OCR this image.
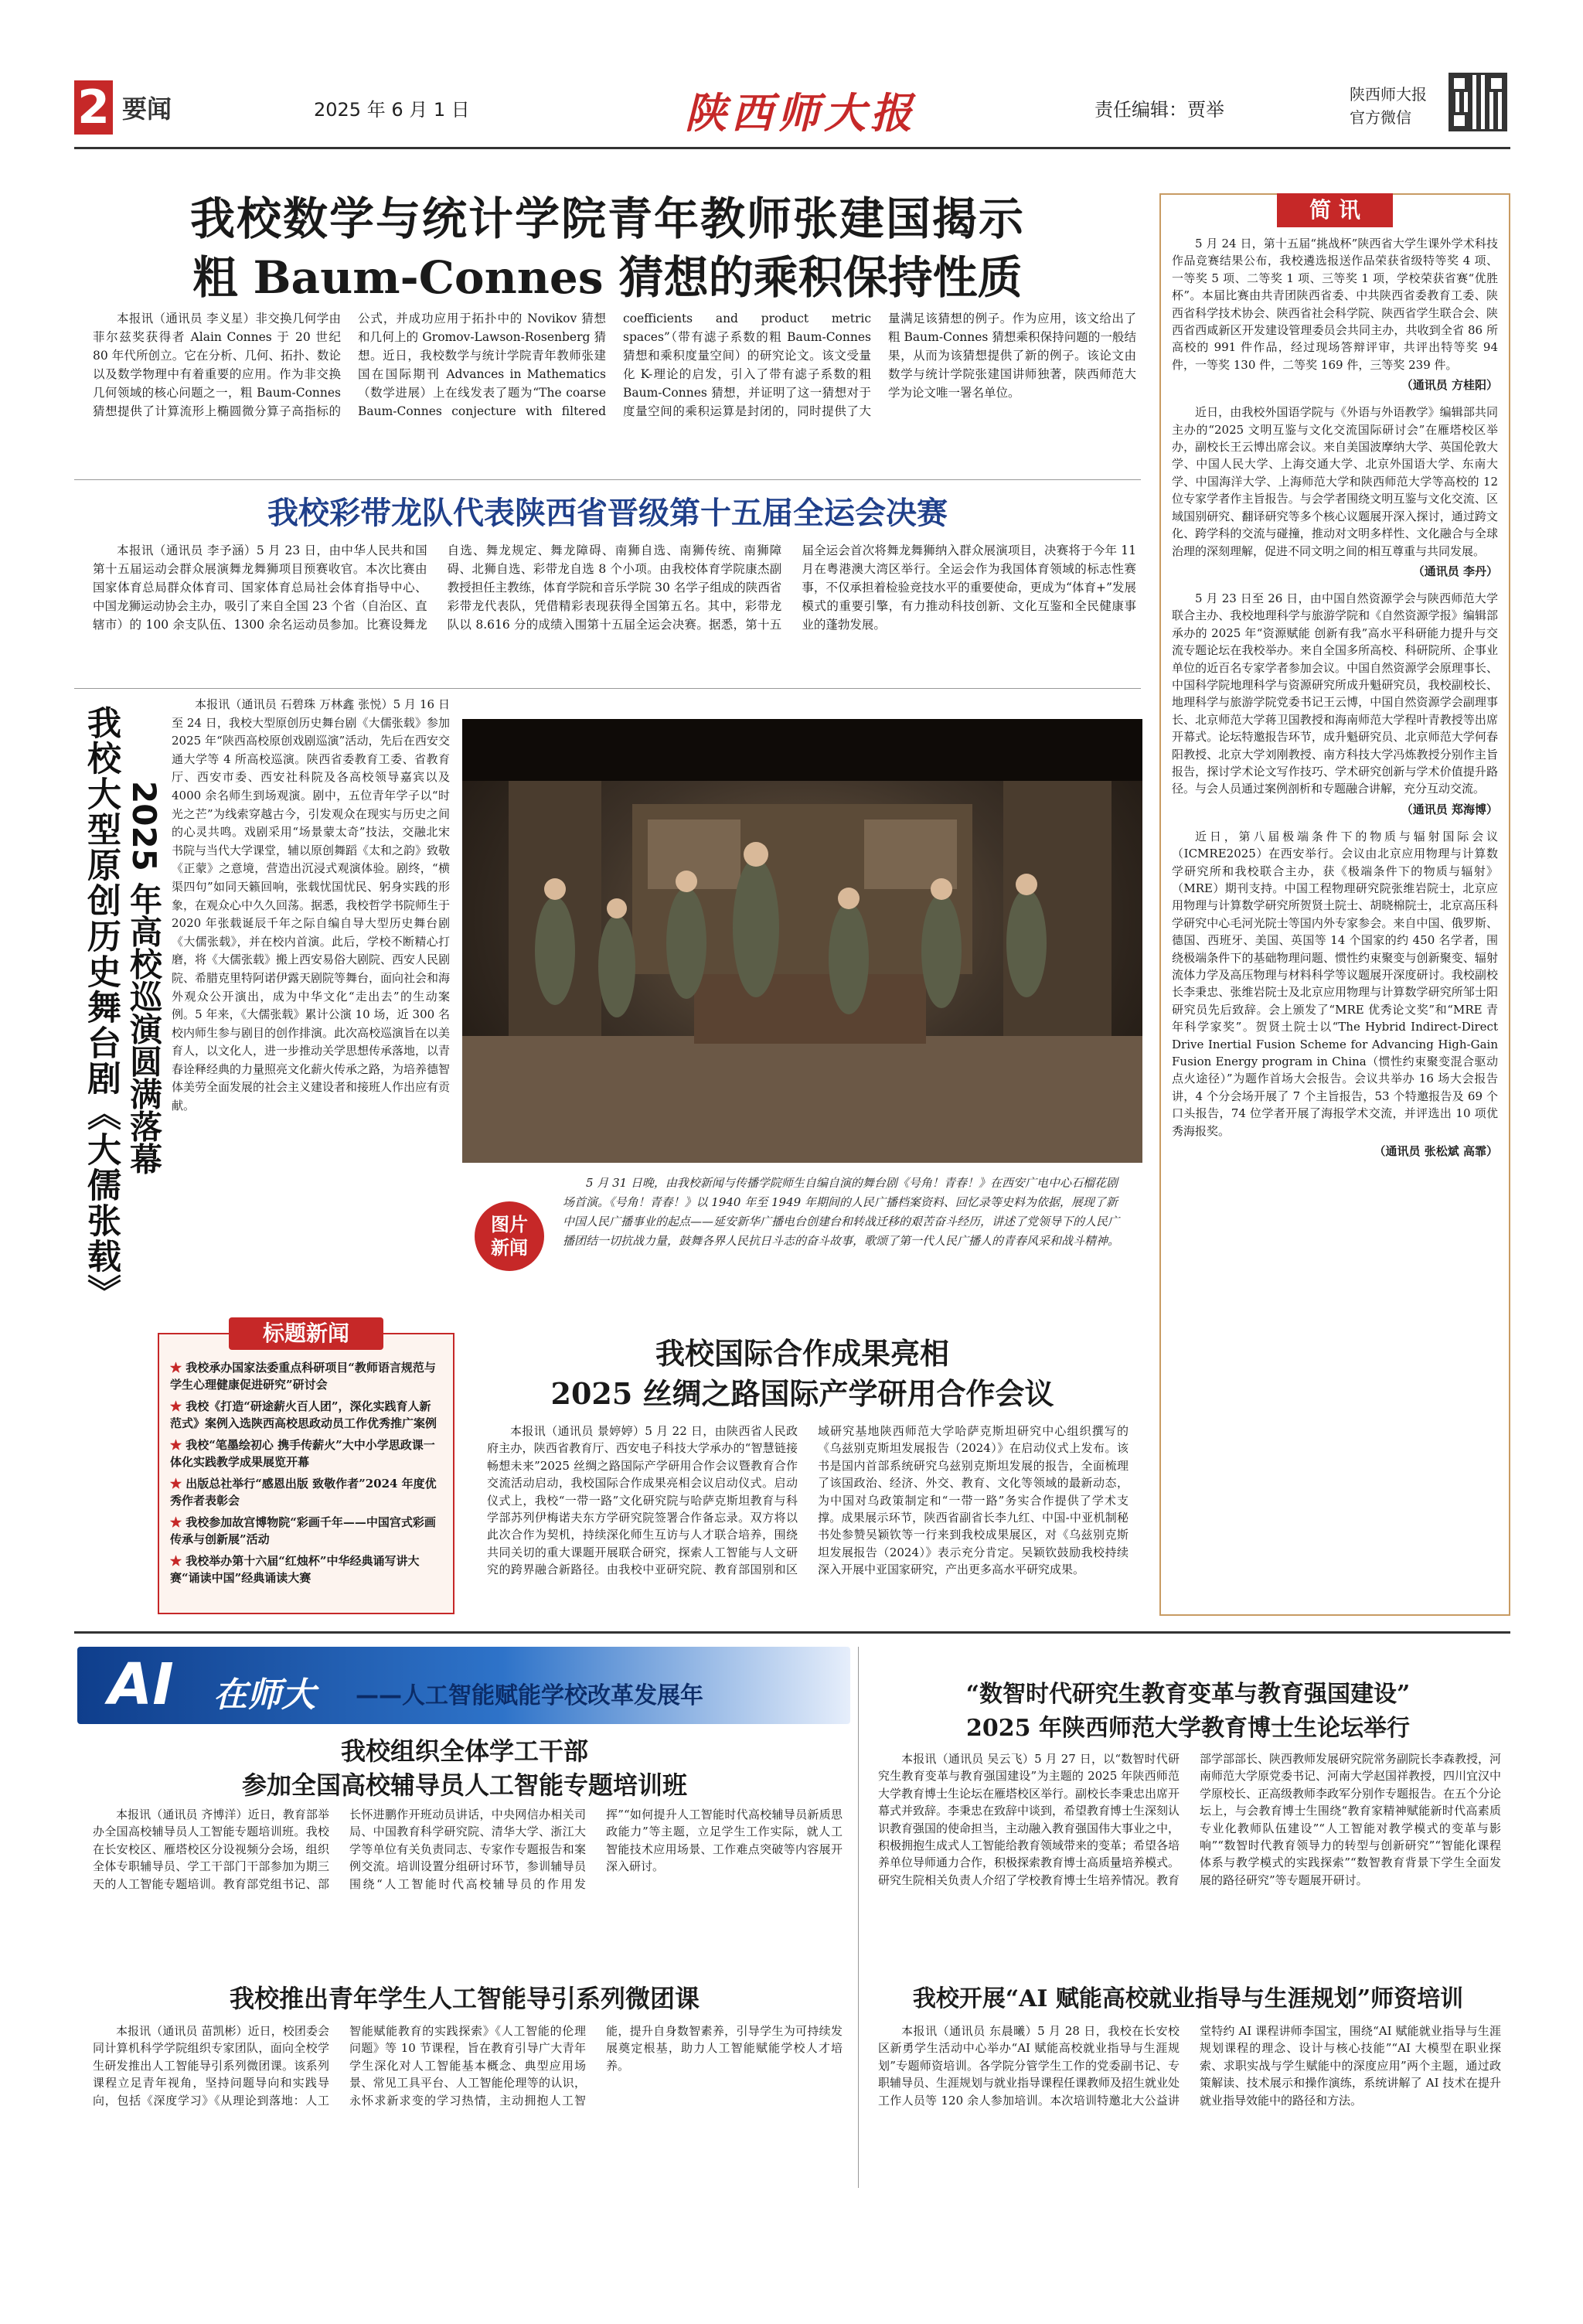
2 要闻	2025 年 6 月 1 日	陕西师大报	责任编辑：贾举
陕西师大报
官方微信
我校数学与统计学院青年教师张建国揭示
粗 Baum-Connes 猜想的乘积保持性质
本报讯（通讯员 李义星）非交换几何学由菲尔兹奖获得者 Alain Connes 于 20 世纪 80 年代所创立。它在分析、几何、拓扑、数论以及数学物理中有着重要的应用。作为非交换几何领域的核心问题之一，粗 Baum-Connes 猜想提供了计算流形上椭圆微分算子高指标的公式，并成功应用于拓扑中的 Novikov 猜想和几何上的 Gromov-Lawson-Rosenberg 猜想。近日，我校数学与统计学院青年教师张建国在国际期刊 Advances in Mathematics（数学进展）上在线发表了题为“The coarse Baum-Connes conjecture with filtered coefficients and product metric spaces”（带有滤子系数的粗 Baum-Connes 猜想和乘积度量空间）的研究论文。该文受量化 K-理论的启发，引入了带有滤子系数的粗 Baum-Connes 猜想，并证明了这一猜想对于度量空间的乘积运算是封闭的，同时提供了大量满足该猜想的例子。作为应用，该文给出了粗 Baum-Connes 猜想乘积保持问题的一般结果，从而为该猜想提供了新的例子。该论文由数学与统计学院张建国讲师独著，陕西师范大学为论文唯一署名单位。
我校彩带龙队代表陕西省晋级第十五届全运会决赛
本报讯（通讯员 李予涵）5 月 23 日，由中华人民共和国第十五届运动会群众展演舞龙舞狮项目预赛收官。本次比赛由国家体育总局群众体育司、国家体育总局社会体育指导中心、中国龙狮运动协会主办，吸引了来自全国 23 个省（自治区、直辖市）的 100 余支队伍、1300 余名运动员参加。比赛设舞龙自选、舞龙规定、舞龙障碍、南狮自选、南狮传统、南狮障碍、北狮自选、彩带龙自选 8 个小项。由我校体育学院康杰副教授担任主教练，体育学院和音乐学院 30 名学子组成的陕西省彩带龙代表队，凭借精彩表现获得全国第五名。其中，彩带龙队以 8.616 分的成绩入围第十五届全运会决赛。据悉，第十五届全运会首次将舞龙舞狮纳入群众展演项目，决赛将于今年 11 月在粤港澳大湾区举行。全运会作为我国体育领域的标志性赛事，不仅承担着检验竞技水平的重要使命，更成为“体育+”发展模式的重要引擎，有力推动科技创新、文化互鉴和全民健康事业的蓬勃发展。
我校大型原创历史舞台剧《大儒张载》 2025 年高校巡演圆满落幕
本报讯（通讯员 石碧珠 万林鑫 张悦）5 月 16 日至 24 日，我校大型原创历史舞台剧《大儒张载》参加 2025 年“陕西高校原创戏剧巡演”活动，先后在西安交通大学等 4 所高校巡演。陕西省委教育工委、省教育厅、西安市委、西安社科院及各高校领导嘉宾以及 4000 余名师生到场观演。剧中，五位青年学子以“时光之芒”为线索穿越古今，引发观众在现实与历史之间的心灵共鸣。戏剧采用“场景蒙太奇”技法，交融北宋书院与当代大学课堂，辅以原创舞蹈《太和之韵》致敬《正蒙》之意境，营造出沉浸式观演体验。剧终，“横渠四句”如同天籁回响，张载忧国忧民、躬身实践的形象，在观众心中久久回荡。据悉，我校哲学书院师生于 2020 年张载诞辰千年之际自编自导大型历史舞台剧《大儒张载》，并在校内首演。此后，学校不断精心打磨，将《大儒张载》搬上西安易俗大剧院、西安人民剧院、希腊克里特阿诺伊露天剧院等舞台，面向社会和海外观众公开演出，成为中华文化“走出去”的生动案例。5 年来，《大儒张载》累计公演 10 场，近 300 名校内师生参与剧目的创作排演。此次高校巡演旨在以美育人，以文化人，进一步推动关学思想传承落地，以青春诠释经典的力量照亮文化薪火传承之路，为培养德智体美劳全面发展的社会主义建设者和接班人作出应有贡献。
图片新闻
5 月 31 日晚，由我校新闻与传播学院师生自编自演的舞台剧《号角！青春！》在西安广电中心石榴花剧场首演。《号角！青春！》以 1940 年至 1949 年期间的人民广播档案资料、回忆录等史料为依据，展现了新中国人民广播事业的起点——延安新华广播电台创建台和转战迁移的艰苦奋斗经历，讲述了党领导下的人民广播团结一切抗战力量，鼓舞各界人民抗日斗志的奋斗故事，歌颂了第一代人民广播人的青春风采和战斗精神。
标题新闻
★ 我校承办国家法委重点科研项目“教师语言规范与学生心理健康促进研究”研讨会
★ 我校《打造“研途薪火百人团”，深化实践育人新范式》案例入选陕西高校思政动员工作优秀推广案例
★ 我校“笔墨绘初心 携手传薪火”大中小学思政课一体化实践教学成果展览开幕
★ 出版总社举行“感恩出版 致敬作者”2024 年度优秀作者表彰会
★ 我校参加故宫博物院“彩画千年——中国宫式彩画传承与创新展”活动
★ 我校举办第十六届“红烛杯”中华经典诵写讲大赛“诵读中国”经典诵读大赛
我校国际合作成果亮相
2025 丝绸之路国际产学研用合作会议
本报讯（通讯员 景婷婷）5 月 22 日，由陕西省人民政府主办，陕西省教育厅、西安电子科技大学承办的“智慧链接 畅想未来”2025 丝绸之路国际产学研用合作会议暨教育合作交流活动启动，我校国际合作成果亮相会议启动仪式。启动仪式上，我校“一带一路”文化研究院与哈萨克斯坦教育与科学部苏列伊梅诺夫东方学研究院签署合作备忘录。双方将以此次合作为契机，持续深化师生互访与人才联合培养，围绕共同关切的重大课题开展联合研究，探索人工智能与人文研究的跨界融合新路径。由我校中亚研究院、教育部国别和区域研究基地陕西师范大学哈萨克斯坦研究中心组织撰写的《乌兹别克斯坦发展报告（2024）》在启动仪式上发布。该书是国内首部系统研究乌兹别克斯坦发展的报告，全面梳理了该国政治、经济、外交、教育、文化等领域的最新动态，为中国对乌政策制定和“一带一路”务实合作提供了学术支撑。成果展示环节，陕西省副省长李九红、中国-中亚机制秘书处参赞吴颖钦等一行来到我校成果展区，对《乌兹别克斯坦发展报告（2024）》表示充分肯定。吴颖钦鼓励我校持续深入开展中亚国家研究，产出更多高水平研究成果。
简 讯
5 月 24 日，第十五届“挑战杯”陕西省大学生课外学术科技作品竞赛结果公布，我校遴选报送作品荣获省级特等奖 4 项、一等奖 5 项、二等奖 1 项、三等奖 1 项，学校荣获省赛“优胜杯”。本届比赛由共青团陕西省委、中共陕西省委教育工委、陕西省科学技术协会、陕西省社会科学院、陕西省学生联合会、陕西省西咸新区开发建设管理委员会共同主办，共收到全省 86 所高校的 991 件作品，经过现场答辩评审，共评出特等奖 94 件，一等奖 130 件，二等奖 169 件，三等奖 239 件。
（通讯员 方桂阳）
近日，由我校外国语学院与《外语与外语教学》编辑部共同主办的“2025 文明互鉴与文化交流国际研讨会”在雁塔校区举办，副校长王云博出席会议。来自美国波摩纳大学、英国伦敦大学、中国人民大学、上海交通大学、北京外国语大学、东南大学、中国海洋大学、上海师范大学和陕西师范大学等高校的 12 位专家学者作主旨报告。与会学者围绕文明互鉴与文化交流、区域国别研究、翻译研究等多个核心议题展开深入探讨，通过跨文化、跨学科的交流与碰撞，推动对文明多样性、文化融合与全球治理的深刻理解，促进不同文明之间的相互尊重与共同发展。
（通讯员 李丹）
5 月 23 日至 26 日，由中国自然资源学会与陕西师范大学联合主办、我校地理科学与旅游学院和《自然资源学报》编辑部承办的 2025 年“资源赋能 创新有我”高水平科研能力提升与交流专题论坛在我校举办。来自全国多所高校、科研院所、企事业单位的近百名专家学者参加会议。中国自然资源学会原理事长、中国科学院地理科学与资源研究所成升魁研究员，我校副校长、地理科学与旅游学院党委书记王云博，中国自然资源学会副理事长、北京师范大学蒋卫国教授和海南师范大学程叶青教授等出席开幕式。论坛特邀报告环节，成升魁研究员、北京师范大学何春阳教授、北京大学刘刚教授、南方科技大学冯炼教授分别作主旨报告，探讨学术论文写作技巧、学术研究创新与学术价值提升路径。与会人员通过案例剖析和专题融合讲解，充分互动交流。
（通讯员 郑海博）
近日，第八届极端条件下的物质与辐射国际会议（ICMRE2025）在西安举行。会议由北京应用物理与计算数学研究所和我校联合主办，获《极端条件下的物质与辐射》（MRE）期刊支持。中国工程物理研究院张维岩院士，北京应用物理与计算数学研究所贺贤土院士、胡晓棉院士，北京高压科学研究中心毛河光院士等国内外专家参会。来自中国、俄罗斯、德国、西班牙、美国、英国等 14 个国家的约 450 名学者，围绕极端条件下的基础物理问题、惯性约束聚变与创新聚变、辐射流体力学及高压物理与材料科学等议题展开深度研讨。我校副校长李秉忠、张维岩院士及北京应用物理与计算数学研究所邹士阳研究员先后致辞。会上颁发了“MRE 优秀论文奖”和“MRE 青年科学家奖”。贺贤土院士以“The Hybrid Indirect-Direct Drive Inertial Fusion Scheme for Advancing High-Gain Fusion Energy program in China（惯性约束聚变混合驱动点火途径）”为题作首场大会报告。会议共举办 16 场大会报告讲，4 个分会场开展了 7 个主旨报告，53 个特邀报告及 69 个口头报告，74 位学者开展了海报学术交流，并评选出 10 项优秀海报奖。
（通讯员 张松斌 高霏）
AI 在师大 ——人工智能赋能学校改革发展年
我校组织全体学工干部
参加全国高校辅导员人工智能专题培训班
本报讯（通讯员 齐博洋）近日，教育部举办全国高校辅导员人工智能专题培训班。我校在长安校区、雁塔校区分设视频分会场，组织全体专职辅导员、学工干部门干部参加为期三天的人工智能专题培训。教育部党组书记、部长怀进鹏作开班动员讲话，中央网信办相关司局、中国教育科学研究院、清华大学、浙江大学等单位有关负责同志、专家作专题报告和案例交流。培训设置分组研讨环节，参训辅导员围绕“人工智能时代高校辅导员的作用发挥”“如何提升人工智能时代高校辅导员新质思政能力”等主题，立足学生工作实际，就人工智能技术应用场景、工作难点突破等内容展开深入研讨。
我校推出青年学生人工智能导引系列微团课
本报讯（通讯员 苗凯彬）近日，校团委会同计算机科学学院组织专家团队，面向全校学生研发推出人工智能导引系列微团课。该系列课程立足青年视角，坚持问题导向和实践导向，包括《深度学习》《从理论到落地：人工智能赋能教育的实践探索》《人工智能的伦理问题》等 10 节课程，旨在教育引导广大青年学生深化对人工智能基本概念、典型应用场景、常见工具平台、人工智能伦理等的认识，永怀求新求变的学习热情，主动拥抱人工智能，提升自身数智素养，引导学生为可持续发展奠定根基，助力人工智能赋能学校人才培养。
“数智时代研究生教育变革与教育强国建设”
2025 年陕西师范大学教育博士生论坛举行
本报讯（通讯员 吴云飞）5 月 27 日，以“数智时代研究生教育变革与教育强国建设”为主题的 2025 年陕西师范大学教育博士生论坛在雁塔校区举行。副校长李秉忠出席开幕式并致辞。李秉忠在致辞中谈到，希望教育博士生深刻认识教育强国的使命担当，主动融入教育强国伟大事业之中，积极拥抱生成式人工智能给教育领域带来的变革；希望各培养单位导师通力合作，积极探索教育博士高质量培养模式。研究生院相关负责人介绍了学校教育博士生培养情况。教育部学部部长、陕西教师发展研究院常务副院长李森教授，河南师范大学原党委书记、河南大学赵国祥教授，四川宜汉中学原校长、正高级教师李政军分别作专题报告。在五个分论坛上，与会教育博士生围绕“教育家精神赋能新时代高素质专业化教师队伍建设”“人工智能对教学模式的变革与影响”“数智时代教育领导力的转型与创新研究”“智能化课程体系与教学模式的实践探索”“数智教育背景下学生全面发展的路径研究”等专题展开研讨。
我校开展“AI 赋能高校就业指导与生涯规划”师资培训
本报讯（通讯员 东晨曦）5 月 28 日，我校在长安校区新勇学生活动中心举办“AI 赋能高校就业指导与生涯规划”专题师资培训。各学院分管学生工作的党委副书记、专职辅导员、生涯规划与就业指导课程任课教师及招生就业处工作人员等 120 余人参加培训。本次培训特邀北大公益讲堂特约 AI 课程讲师李国宝，围绕“AI 赋能就业指导与生涯规划课程的理念、设计与核心技能”“AI 大模型在职业探索、求职实战与学生赋能中的深度应用”两个主题，通过政策解读、技术展示和操作演练，系统讲解了 AI 技术在提升就业指导效能中的路径和方法。
